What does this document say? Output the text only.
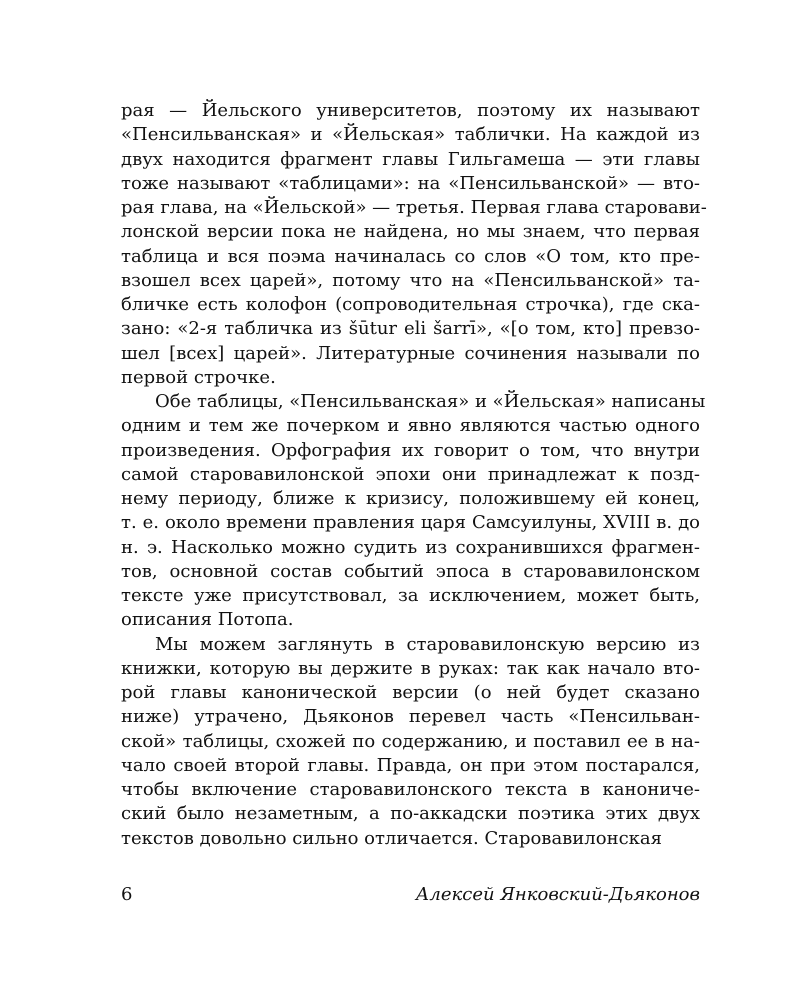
рая — Йельского университетов, поэтому их называют
«Пенсильванская» и «Йельская» таблички. На каждой из
двух находится фрагмент главы Гильгамеша — эти главы
тоже называют «таблицами»: на «Пенсильванской» — вто-
рая глава, на «Йельской» — третья. Первая глава старовави-
лонской версии пока не найдена, но мы знаем, что первая
таблица и вся поэма начиналась со слов «О том, кто пре-
взошел всех царей», потому что на «Пенсильванской» та-
бличке есть колофон (сопроводительная строчка), где ска-
зано: «2-я табличка из šūtur eli šarrī», «[о том, кто] превзо-
шел [всех] царей». Литературные сочинения называли по
первой строчке.
Обе таблицы, «Пенсильванская» и «Йельская» написаны
одним и тем же почерком и явно являются частью одного
произведения. Орфография их говорит о том, что внутри
самой старовавилонской эпохи они принадлежат к позд-
нему периоду, ближе к кризису, положившему ей конец,
т. е. около времени правления царя Самсуилуны, XVIII в. до
н. э. Насколько можно судить из сохранившихся фрагмен-
тов, основной состав событий эпоса в старовавилонском
тексте уже присутствовал, за исключением, может быть,
описания Потопа.
Мы можем заглянуть в старовавилонскую версию из
книжки, которую вы держите в руках: так как начало вто-
рой главы канонической версии (о ней будет сказано
ниже) утрачено, Дьяконов перевел часть «Пенсильван-
ской» таблицы, схожей по содержанию, и поставил ее в на-
чало своей второй главы. Правда, он при этом постарался,
чтобы включение старовавилонского текста в канониче-
ский было незаметным, а по-аккадски поэтика этих двух
текстов довольно сильно отличается. Старовавилонская
6	Алексей Янковский-Дьяконов
